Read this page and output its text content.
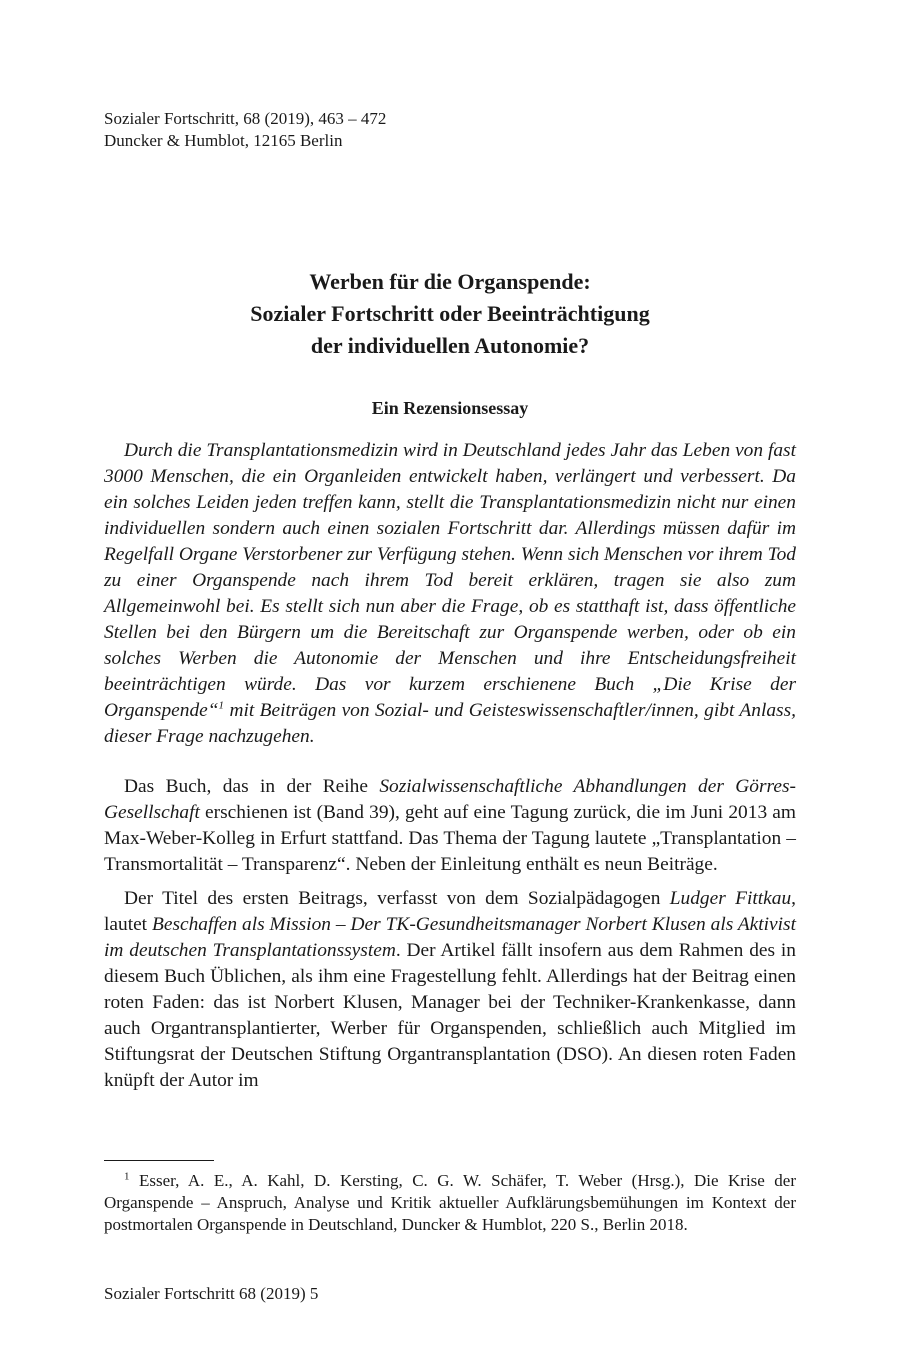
Sozialer Fortschritt, 68 (2019), 463 – 472
Duncker & Humblot, 12165 Berlin
Werben für die Organspende:
Sozialer Fortschritt oder Beeinträchtigung
der individuellen Autonomie?
Ein Rezensionsessay
Durch die Transplantationsmedizin wird in Deutschland jedes Jahr das Leben von fast 3000 Menschen, die ein Organleiden entwickelt haben, verlängert und verbessert. Da ein solches Leiden jeden treffen kann, stellt die Transplantationsmedizin nicht nur einen individuellen sondern auch einen sozialen Fortschritt dar. Allerdings müssen dafür im Regelfall Organe Verstorbener zur Verfügung stehen. Wenn sich Menschen vor ihrem Tod zu einer Organspende nach ihrem Tod bereit erklären, tragen sie also zum Allgemeinwohl bei. Es stellt sich nun aber die Frage, ob es statthaft ist, dass öffentliche Stellen bei den Bürgern um die Bereitschaft zur Organspende werben, oder ob ein solches Werben die Autonomie der Menschen und ihre Entscheidungsfreiheit beeinträchtigen würde. Das vor kurzem erschienene Buch „Die Krise der Organspende“$^1$ mit Beiträgen von Sozial- und Geisteswissenschaftler/innen, gibt Anlass, dieser Frage nachzugehen.

Das Buch, das in der Reihe Sozialwissenschaftliche Abhandlungen der Görres-Gesellschaft erschienen ist (Band 39), geht auf eine Tagung zurück, die im Juni 2013 am Max-Weber-Kolleg in Erfurt stattfand. Das Thema der Tagung lautete „Transplantation – Transmortalität – Transparenz“. Neben der Einleitung enthält es neun Beiträge.

Der Titel des ersten Beitrags, verfasst von dem Sozialpädagogen Ludger Fittkau, lautet Beschaffen als Mission – Der TK-Gesundheitsmanager Norbert Klusen als Aktivist im deutschen Transplantationssystem. Der Artikel fällt insofern aus dem Rahmen des in diesem Buch Üblichen, als ihm eine Fragestellung fehlt. Allerdings hat der Beitrag einen roten Faden: das ist Norbert Klusen, Manager bei der Techniker-Krankenkasse, dann auch Organtransplantierter, Werber für Organspenden, schließlich auch Mitglied im Stiftungsrat der Deutschen Stiftung Organtransplantation (DSO). An diesen roten Faden knüpft der Autor im

$^1$ Esser, A. E., A. Kahl, D. Kersting, C. G. W. Schäfer, T. Weber (Hrsg.), Die Krise der Organspende – Anspruch, Analyse und Kritik aktueller Aufklärungsbemühungen im Kontext der postmortalen Organspende in Deutschland, Duncker & Humblot, 220 S., Berlin 2018.
Sozialer Fortschritt 68 (2019) 5
